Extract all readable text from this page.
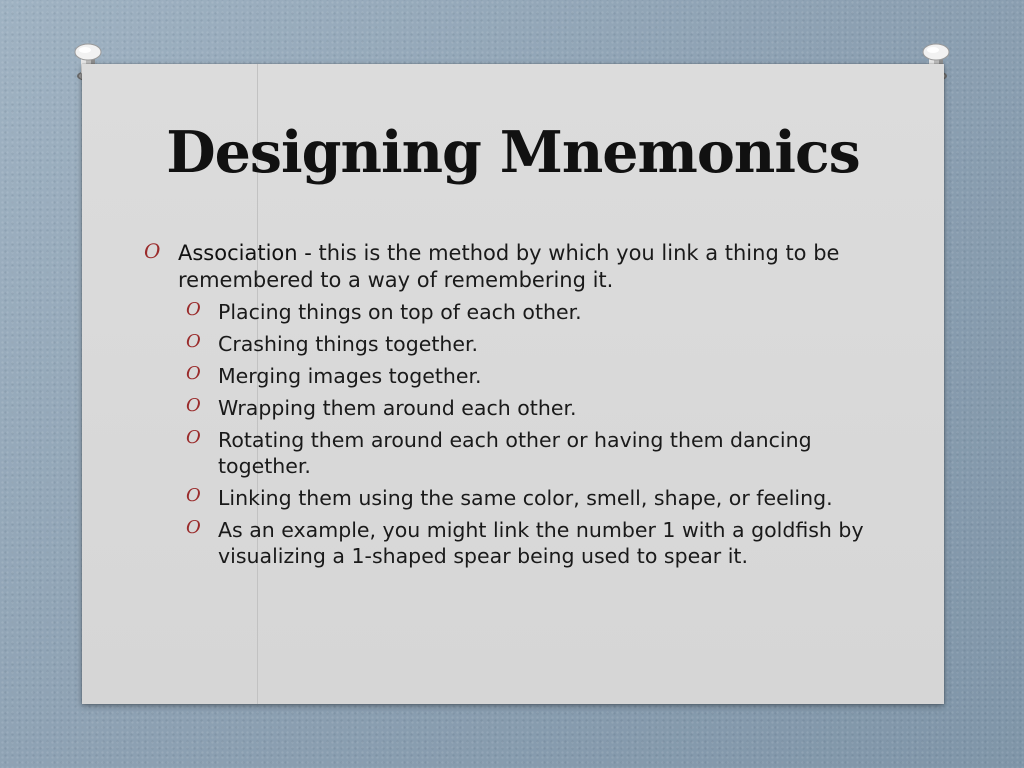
Designing Mnemonics
O Association - this is the method by which you link a thing to be remembered to a way of remembering it.
O Placing things on top of each other.
O Crashing things together.
O Merging images together.
O Wrapping them around each other.
O Rotating them around each other or having them dancing together.
O Linking them using the same color, smell, shape, or feeling.
O As an example, you might link the number 1 with a goldfish by visualizing a 1-shaped spear being used to spear it.
